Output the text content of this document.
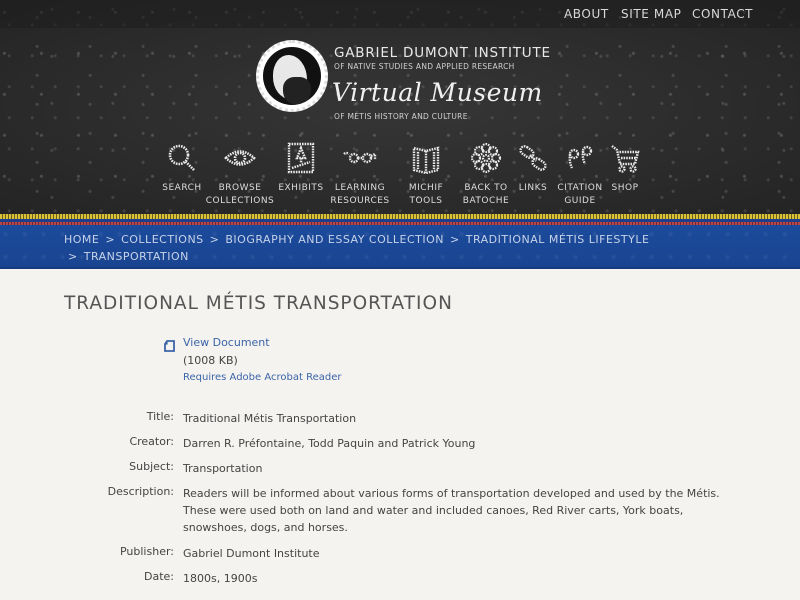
ABOUT SITE MAP CONTACT
GABRIEL DUMONT INSTITUTE
OF NATIVE STUDIES AND APPLIED RESEARCH
Virtual Museum
OF MÉTIS HISTORY AND CULTURE
SEARCH	BROWSE
COLLECTIONS
EXHIBITS	LEARNING
RESOURCES
MICHIF
TOOLS
BACK TO
BATOCHE
LINKS	CITATION
GUIDE
SHOP
HOME > COLLECTIONS > BIOGRAPHY AND ESSAY COLLECTION > TRADITIONAL MÉTIS LIFESTYLE
> TRANSPORTATION
TRADITIONAL MÉTIS TRANSPORTATION
View Document
(1008 KB)
Requires Adobe Acrobat Reader
Title: Traditional Métis Transportation
Creator: Darren R. Préfontaine, Todd Paquin and Patrick Young
Subject: Transportation
Description: Readers will be informed about various forms of transportation developed and used by the Métis. These were used both on land and water and included canoes, Red River carts, York boats, snowshoes, dogs, and horses.
Publisher: Gabriel Dumont Institute
Date: 1800s, 1900s
